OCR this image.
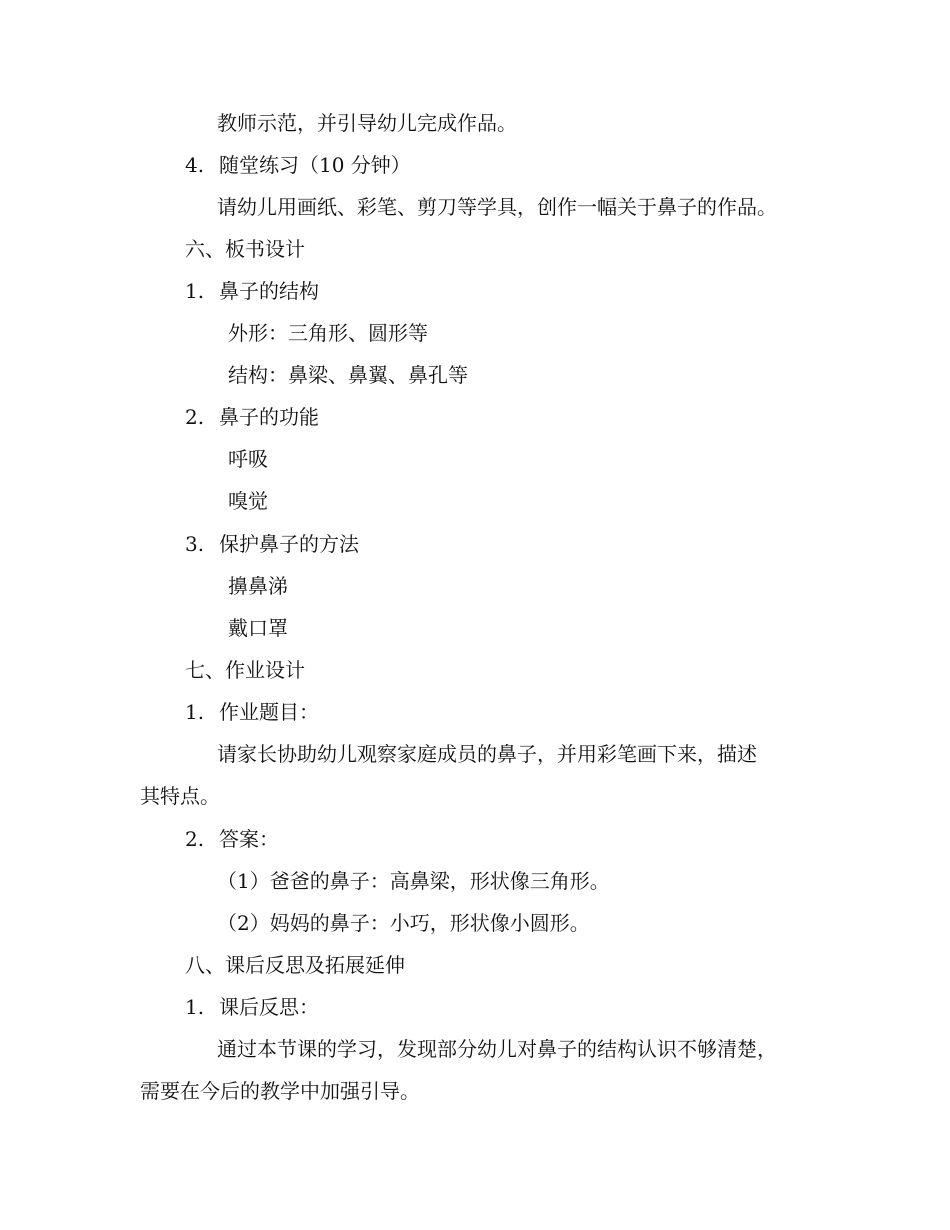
教师示范，并引导幼儿完成作品。
4. 随堂练习（10 分钟）
请幼儿用画纸、彩笔、剪刀等学具，创作一幅关于鼻子的作品。
六、板书设计
1. 鼻子的结构
外形：三角形、圆形等
结构：鼻梁、鼻翼、鼻孔等
2. 鼻子的功能
呼吸
嗅觉
3. 保护鼻子的方法
擤鼻涕
戴口罩
七、作业设计
1. 作业题目：
请家长协助幼儿观察家庭成员的鼻子，并用彩笔画下来，描述
其特点。
2. 答案：
（1）爸爸的鼻子：高鼻梁，形状像三角形。
（2）妈妈的鼻子：小巧，形状像小圆形。
八、课后反思及拓展延伸
1. 课后反思：
通过本节课的学习，发现部分幼儿对鼻子的结构认识不够清楚，
需要在今后的教学中加强引导。
